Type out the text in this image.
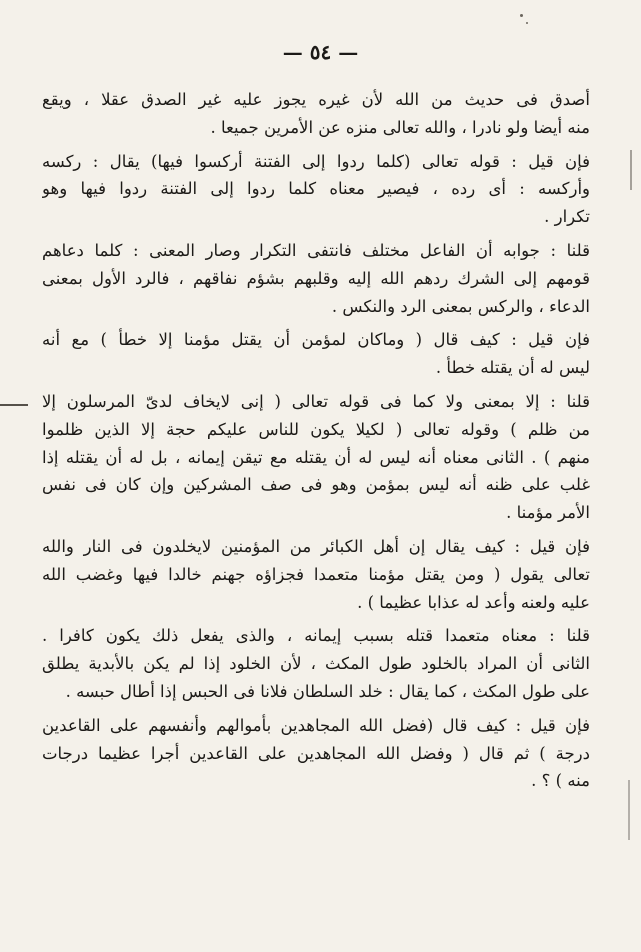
— ٥٤ —
أصدق فى حديث من الله لأن غيره يجوز عليه غير الصدق عقلا ، ويقع
منه أيضا ولو نادرا ، والله تعالى منزه عن الأمرين جميعا .
فإن قيل : قوله تعالى (كلما ردوا إلى الفتنة أركسوا فيها) يقال : ركسه
وأركسه : أى رده ، فيصير معناه كلما ردوا إلى الفتنة ردوا فيها وهو
تكرار .
قلنا : جوابه أن الفاعل مختلف فانتفى التكرار وصار المعنى : كلما دعاهم
قومهم إلى الشرك ردهم الله إليه وقلبهم بشؤم نفاقهم ، فالرد الأول بمعنى
الدعاء ، والركس بمعنى الرد والنكس .
فإن قيل : كيف قال ( وماكان لمؤمن أن يقتل مؤمنا إلا خطأ ) مع أنه
ليس له أن يقتله خطأ .
قلنا : إلا بمعنى ولا كما فى قوله تعالى ( إنى لايخاف لدىّ المرسلون إلا
من ظلم ) وقوله تعالى ( لكيلا يكون للناس عليكم حجة إلا الذين ظلموا
منهم ) . الثانى معناه أنه ليس له أن يقتله مع تيقن إيمانه ، بل له أن يقتله إذا
غلب على ظنه أنه ليس بمؤمن وهو فى صف المشركين وإن كان فى نفس
الأمر مؤمنا .
فإن قيل : كيف يقال إن أهل الكبائر من المؤمنين لايخلدون فى النار والله
تعالى يقول ( ومن يقتل مؤمنا متعمدا فجزاؤه جهنم خالدا فيها وغضب الله
عليه ولعنه وأعد له عذابا عظيما ) .
قلنا : معناه متعمدا قتله بسبب إيمانه ، والذى يفعل ذلك يكون كافرا .
الثانى أن المراد بالخلود طول المكث ، لأن الخلود إذا لم يكن بالأبدية يطلق
على طول المكث ، كما يقال : خلد السلطان فلانا فى الحبس إذا أطال حبسه .
فإن قيل : كيف قال (فضل الله المجاهدين بأموالهم وأنفسهم على القاعدين
درجة ) ثم قال ( وفضل الله المجاهدين على القاعدين أجرا عظيما درجات
منه ) ؟ .
